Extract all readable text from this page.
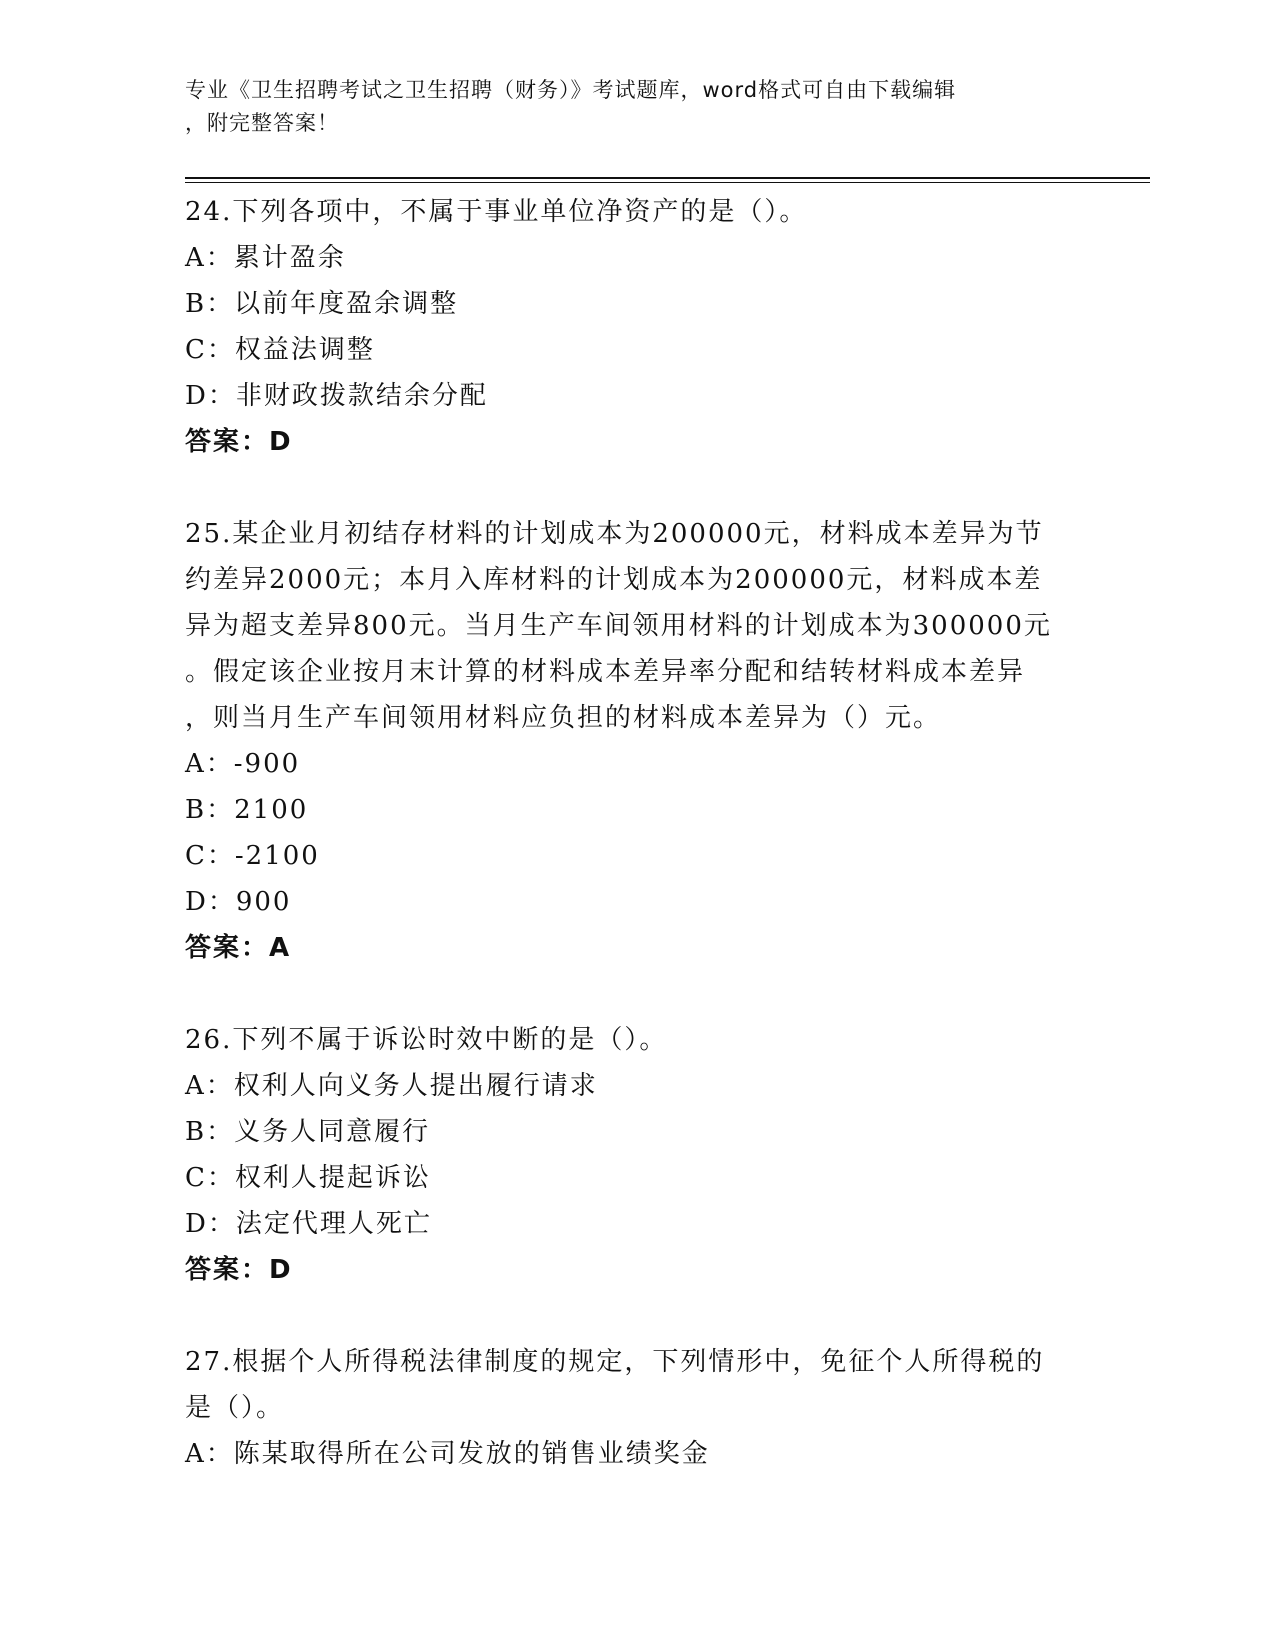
专业《卫生招聘考试之卫生招聘（财务）》考试题库，word格式可自由下载编辑
，附完整答案！
24.下列各项中，不属于事业单位净资产的是（）。
A：累计盈余
B：以前年度盈余调整
C：权益法调整
D：非财政拨款结余分配
答案：D
25.某企业月初结存材料的计划成本为200000元，材料成本差异为节
约差异2000元；本月入库材料的计划成本为200000元，材料成本差
异为超支差异800元。当月生产车间领用材料的计划成本为300000元
。假定该企业按月末计算的材料成本差异率分配和结转材料成本差异
，则当月生产车间领用材料应负担的材料成本差异为（）元。
A：-900
B：2100
C：-2100
D：900
答案：A
26.下列不属于诉讼时效中断的是（）。
A：权利人向义务人提出履行请求
B：义务人同意履行
C：权利人提起诉讼
D：法定代理人死亡
答案：D
27.根据个人所得税法律制度的规定，下列情形中，免征个人所得税的
是（）。
A：陈某取得所在公司发放的销售业绩奖金
